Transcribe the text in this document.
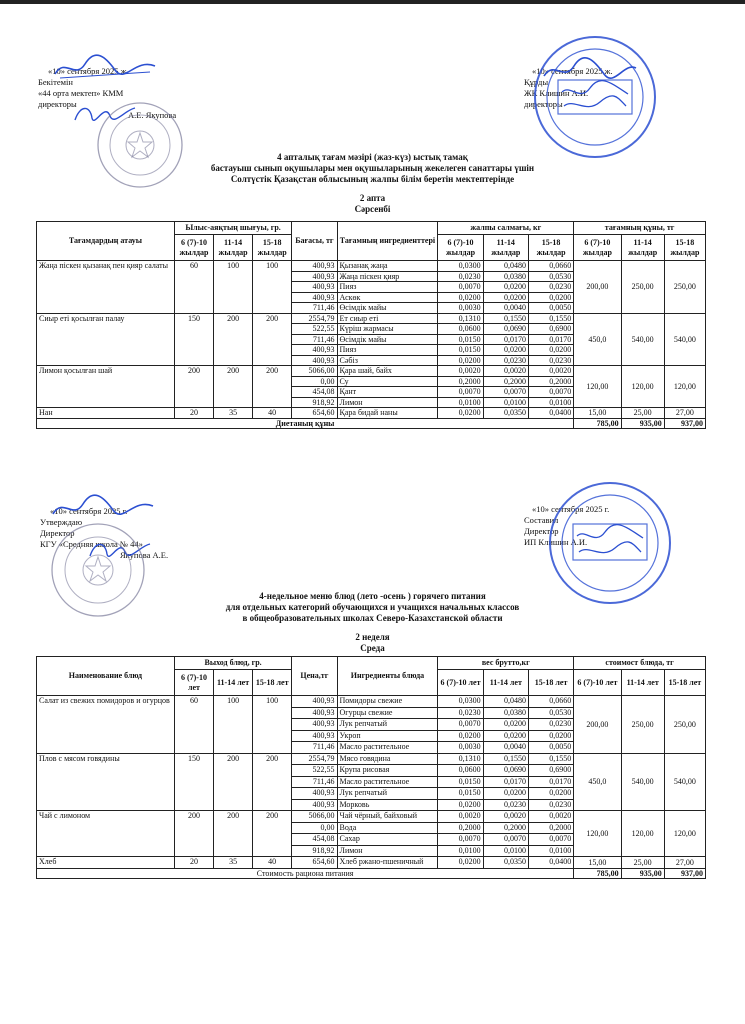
«10» сентября 2025 ж.
Бекітемін
«44 орта мектеп» КММ
директоры
А.Е. Якупова
«10» сентября 2025 ж.
Құрды
ЖК Клишин А.И.
директоры
4 апталық тағам мәзірі (жаз-күз) ыстық тамақ
бастауыш сынып оқушылары мен оқушыларының жекелеген санаттары үшін
Солтүстік Қазақстан облысының жалпы білім беретін мектептерінде
2 апта
Сәрсенбі
Тағамдардың атауы	Ылыс-аяқтың шығуы, гр.			Бағасы, тг	Тағамның ингредиенттері	жалпы салмағы, кг			тағамның құны, тг		
	6 (7)-10 жылдар	11-14 жылдар	15-18 жылдар			6 (7)-10 жылдар	11-14 жылдар	15-18 жылдар	6 (7)-10 жылдар	11-14 жылдар	15-18 жылдар
Жаңа піскен қызанақ пен қияр салаты	60	100	100	400,93	Қызанақ жаңа	0,0300	0,0480	0,0660	200,00	250,00	250,00
				400,93	Жаңа піскен қияр	0,0230	0,0380	0,0530			
				400,93	Пияз	0,0070	0,0200	0,0230			
				400,93	Аскөк	0,0200	0,0200	0,0200			
				711,46	Өсімдік майы	0,0030	0,0040	0,0050			
Сиыр еті қосылған палау	150	200	200	2554,79	Ет сиыр еті	0,1310	0,1550	0,1550	450,0	540,00	540,00
				522,55	Күріш жармасы	0,0600	0,0690	0,6900			
				711,46	Өсімдік майы	0,0150	0,0170	0,0170			
				400,93	Пияз	0,0150	0,0200	0,0200			
				400,93	Сәбіз	0,0200	0,0230	0,0230			
Лимон қосылған шай	200	200	200	5066,00	Қара шай, байх	0,0020	0,0020	0,0020	120,00	120,00	120,00
				0,00	Су	0,2000	0,2000	0,2000			
				454,08	Қант	0,0070	0,0070	0,0070			
				918,92	Лимон	0,0100	0,0100	0,0100			
Нан	20	35	40	654,60	Қара бидай наны	0,0200	0,0350	0,0400	15,00	25,00	27,00
Диетаның құны									785,00	935,00	937,00
«10» сентября 2025 г.
Утверждаю
Директор
КГУ «Средняя школа № 44»
Якупова А.Е.
«10» сентября 2025 г.
Составил
Директор
ИП Клишин А.И.
4-недельное меню блюд (лето -осень ) горячего питания
для отдельных категорий обучающихся и учащихся начальных классов
в общеобразовательных школах Северо-Казахстанской области
2 неделя
Среда
Наименование блюд	Выход блюд, гр.			Цена,тг	Ингредиенты блюда	вес брутто,кг			стоимост блюда, тг		
	6 (7)-10 лет	11-14 лет	15-18 лет			6 (7)-10 лет	11-14 лет	15-18 лет	6 (7)-10 лет	11-14 лет	15-18 лет
Салат из свежих помидоров и огурцов	60	100	100	400,93	Помидоры свежие	0,0300	0,0480	0,0660	200,00	250,00	250,00
				400,93	Огурцы свежие	0,0230	0,0380	0,0530			
				400,93	Лук репчатый	0,0070	0,0200	0,0230			
				400,93	Укроп	0,0200	0,0200	0,0200			
				711,46	Масло растительное	0,0030	0,0040	0,0050			
Плов с мясом говядины	150	200	200	2554,79	Мясо говядина	0,1310	0,1550	0,1550	450,0	540,00	540,00
				522,55	Крупа рисовая	0,0600	0,0690	0,6900			
				711,46	Масло растительное	0,0150	0,0170	0,0170			
				400,93	Лук репчатый	0,0150	0,0200	0,0200			
				400,93	Морковь	0,0200	0,0230	0,0230			
Чай с лимоном	200	200	200	5066,00	Чай чёрный, байховый	0,0020	0,0020	0,0020	120,00	120,00	120,00
				0,00	Вода	0,2000	0,2000	0,2000			
				454,08	Сахар	0,0070	0,0070	0,0070			
				918,92	Лимон	0,0100	0,0100	0,0100			
Хлеб	20	35	40	654,60	Хлеб ржано-пшеничный	0,0200	0,0350	0,0400	15,00	25,00	27,00
Стоимость рациона питания									785,00	935,00	937,00
